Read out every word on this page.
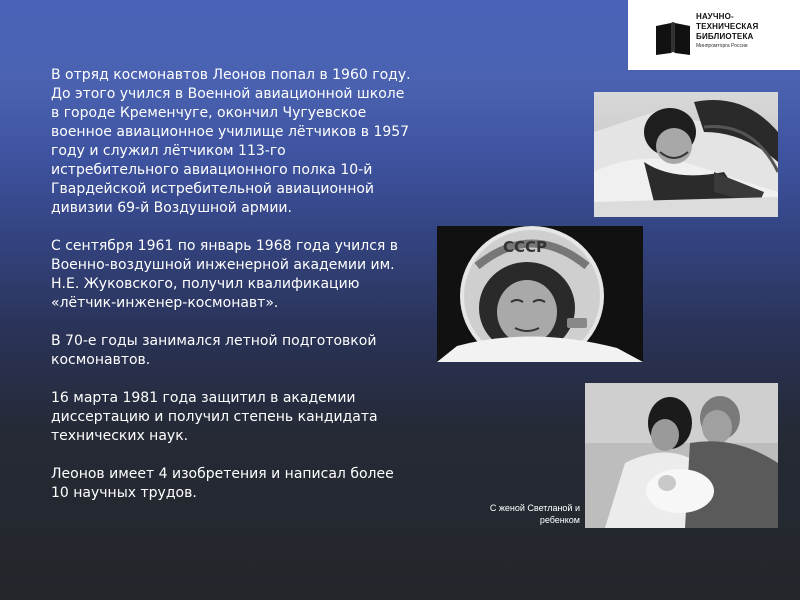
НАУЧНО-
ТЕХНИЧЕСКАЯ
БИБЛИОТЕКА
Минпромторга России

В отряд космонавтов Леонов попал в 1960 году.
До этого учился в Военной авиационной школе в городе Кременчуге, окончил Чугуевское военное авиационное училище лётчиков в 1957 году и служил лётчиком 113-го истребительного авиационного полка 10-й Гвардейской истребительной авиационной дивизии 69-й Воздушной армии.

С сентября 1961 по январь 1968 года учился в Военно-воздушной инженерной академии им. Н.Е. Жуковского, получил квалификацию «лётчик-инженер-космонавт».

В 70-е годы занимался летной подготовкой космонавтов.

16 марта 1981 года защитил в академии диссертацию и получил степень кандидата технических наук.

Леонов имеет 4 изобретения и написал более 10 научных трудов.

СССР
С женой Светланой и ребенком
